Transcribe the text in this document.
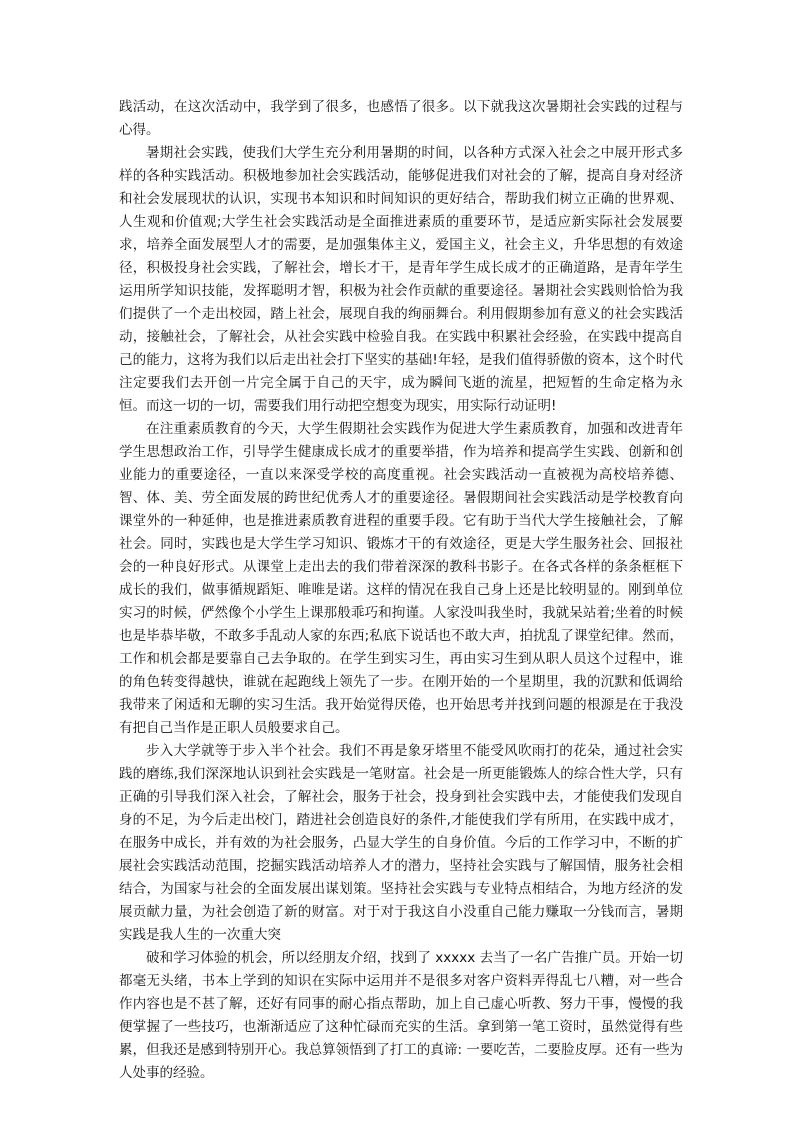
践活动，在这次活动中，我学到了很多，也感悟了很多。以下就我这次暑期社会实践的过程与心得。

暑期社会实践，使我们大学生充分利用暑期的时间，以各种方式深入社会之中展开形式多样的各种实践活动。积极地参加社会实践活动，能够促进我们对社会的了解，提高自身对经济和社会发展现状的认识，实现书本知识和时间知识的更好结合，帮助我们树立正确的世界观、人生观和价值观;大学生社会实践活动是全面推进素质的重要环节，是适应新实际社会发展要求，培养全面发展型人才的需要，是加强集体主义，爱国主义，社会主义，升华思想的有效途径，积极投身社会实践，了解社会，增长才干，是青年学生成长成才的正确道路，是青年学生运用所学知识技能，发挥聪明才智，积极为社会作贡献的重要途径。暑期社会实践则恰恰为我们提供了一个走出校园，踏上社会，展现自我的绚丽舞台。利用假期参加有意义的社会实践活动，接触社会，了解社会，从社会实践中检验自我。在实践中积累社会经验，在实践中提高自己的能力，这将为我们以后走出社会打下坚实的基础!年轻，是我们值得骄傲的资本，这个时代注定要我们去开创一片完全属于自己的天宇，成为瞬间飞逝的流星，把短暂的生命定格为永恒。而这一切的一切，需要我们用行动把空想变为现实，用实际行动证明!

在注重素质教育的今天，大学生假期社会实践作为促进大学生素质教育，加强和改进青年学生思想政治工作，引导学生健康成长成才的重要举措，作为培养和提高学生实践、创新和创业能力的重要途径，一直以来深受学校的高度重视。社会实践活动一直被视为高校培养德、智、体、美、劳全面发展的跨世纪优秀人才的重要途径。暑假期间社会实践活动是学校教育向课堂外的一种延伸，也是推进素质教育进程的重要手段。它有助于当代大学生接触社会，了解社会。同时，实践也是大学生学习知识、锻炼才干的有效途径，更是大学生服务社会、回报社会的一种良好形式。从课堂上走出去的我们带着深深的教科书影子。在各式各样的条条框框下成长的我们，做事循规蹈矩、唯唯是诺。这样的情况在我自己身上还是比较明显的。刚到单位实习的时候，俨然像个小学生上课那般乖巧和拘谨。人家没叫我坐时，我就呆站着;坐着的时候也是毕恭毕敬，不敢多手乱动人家的东西;私底下说话也不敢大声，拍扰乱了课堂纪律。然而，工作和机会都是要靠自己去争取的。在学生到实习生，再由实习生到从职人员这个过程中，谁的角色转变得越快，谁就在起跑线上领先了一步。在刚开始的一个星期里，我的沉默和低调给我带来了闲适和无聊的实习生活。我开始觉得厌倦，也开始思考并找到问题的根源是在于我没有把自己当作是正职人员般要求自己。

步入大学就等于步入半个社会。我们不再是象牙塔里不能受风吹雨打的花朵，通过社会实践的磨练,我们深深地认识到社会实践是一笔财富。社会是一所更能锻炼人的综合性大学，只有正确的引导我们深入社会，了解社会，服务于社会，投身到社会实践中去，才能使我们发现自身的不足，为今后走出校门，踏进社会创造良好的条件,才能使我们学有所用，在实践中成才，在服务中成长，并有效的为社会服务，凸显大学生的自身价值。今后的工作学习中，不断的扩展社会实践活动范围，挖掘实践活动培养人才的潜力，坚持社会实践与了解国情，服务社会相结合，为国家与社会的全面发展出谋划策。坚持社会实践与专业特点相结合，为地方经济的发展贡献力量，为社会创造了新的财富。对于对于我这自小没重自己能力赚取一分钱而言，暑期实践是我人生的一次重大突

破和学习体验的机会，所以经朋友介绍，找到了 xxxxx 去当了一名广告推广员。开始一切都毫无头绪，书本上学到的知识在实际中运用并不是很多对客户资料弄得乱七八糟，对一些合作内容也是不甚了解，还好有同事的耐心指点帮助，加上自己虚心听教、努力干事，慢慢的我便掌握了一些技巧，也渐渐适应了这种忙碌而充实的生活。拿到第一笔工资时，虽然觉得有些累，但我还是感到特别开心。我总算领悟到了打工的真谛: 一要吃苦，二要脸皮厚。还有一些为人处事的经验。
